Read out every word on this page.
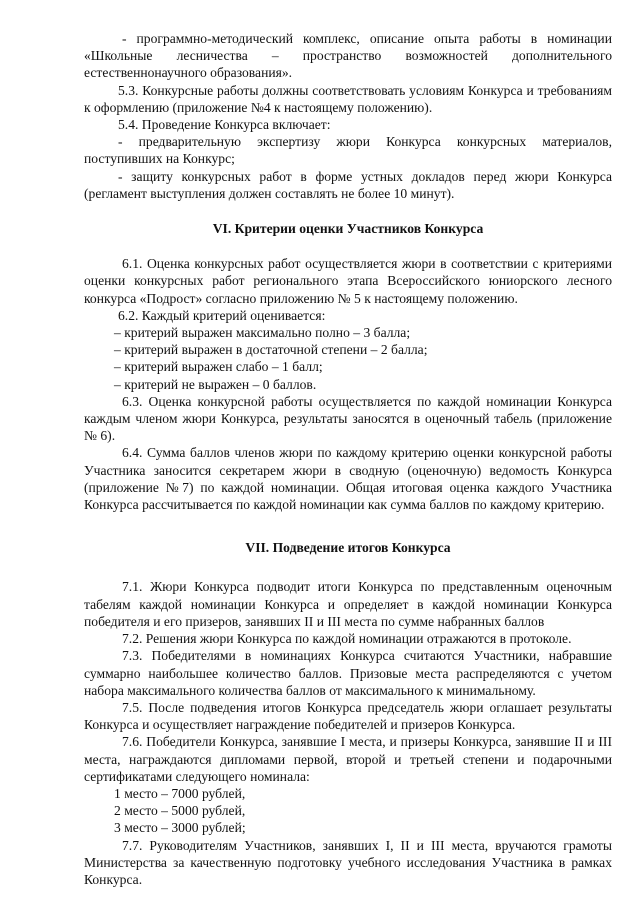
- программно-методический комплекс, описание опыта работы в номинации «Школьные лесничества – пространство возможностей дополнительного естественнонаучного образования».

5.3. Конкурсные работы должны соответствовать условиям Конкурса и требованиям к оформлению (приложение №4 к настоящему положению).

5.4. Проведение Конкурса включает:

- предварительную экспертизу жюри Конкурса конкурсных материалов, поступивших на Конкурс;

- защиту конкурсных работ в форме устных докладов перед жюри Конкурса (регламент выступления должен составлять не более 10 минут).

VI. Критерии оценки Участников Конкурса

6.1. Оценка конкурсных работ осуществляется жюри в соответствии с критериями оценки конкурсных работ регионального этапа Всероссийского юниорского лесного конкурса «Подрост» согласно приложению № 5 к настоящему положению.

6.2. Каждый критерий оценивается:

– критерий выражен максимально полно – 3 балла;

– критерий выражен в достаточной степени – 2 балла;

– критерий выражен слабо – 1 балл;

– критерий не выражен – 0 баллов.

6.3. Оценка конкурсной работы осуществляется по каждой номинации Конкурса каждым членом жюри Конкурса, результаты заносятся в оценочный табель (приложение № 6).

6.4. Сумма баллов членов жюри по каждому критерию оценки конкурсной работы Участника заносится секретарем жюри в сводную (оценочную) ведомость Конкурса (приложение №7) по каждой номинации. Общая итоговая оценка каждого Участника Конкурса рассчитывается по каждой номинации как сумма баллов по каждому критерию.

VII. Подведение итогов Конкурса

7.1. Жюри Конкурса подводит итоги Конкурса по представленным оценочным табелям каждой номинации Конкурса и определяет в каждой номинации Конкурса победителя и его призеров, занявших II и III места по сумме набранных баллов

7.2. Решения жюри Конкурса по каждой номинации отражаются в протоколе.

7.3. Победителями в номинациях Конкурса считаются Участники, набравшие суммарно наибольшее количество баллов. Призовые места распределяются с учетом набора максимального количества баллов от максимального к минимальному.

7.5. После подведения итогов Конкурса председатель жюри оглашает результаты Конкурса и осуществляет награждение победителей и призеров Конкурса.

7.6. Победители Конкурса, занявшие I места, и призеры Конкурса, занявшие II и III места, награждаются дипломами первой, второй и третьей степени и подарочными сертификатами следующего номинала:

1 место – 7000 рублей,

2 место – 5000 рублей,

3 место – 3000 рублей;

7.7. Руководителям Участников, занявших I, II и III места, вручаются грамоты Министерства за качественную подготовку учебного исследования Участника в рамках Конкурса.
